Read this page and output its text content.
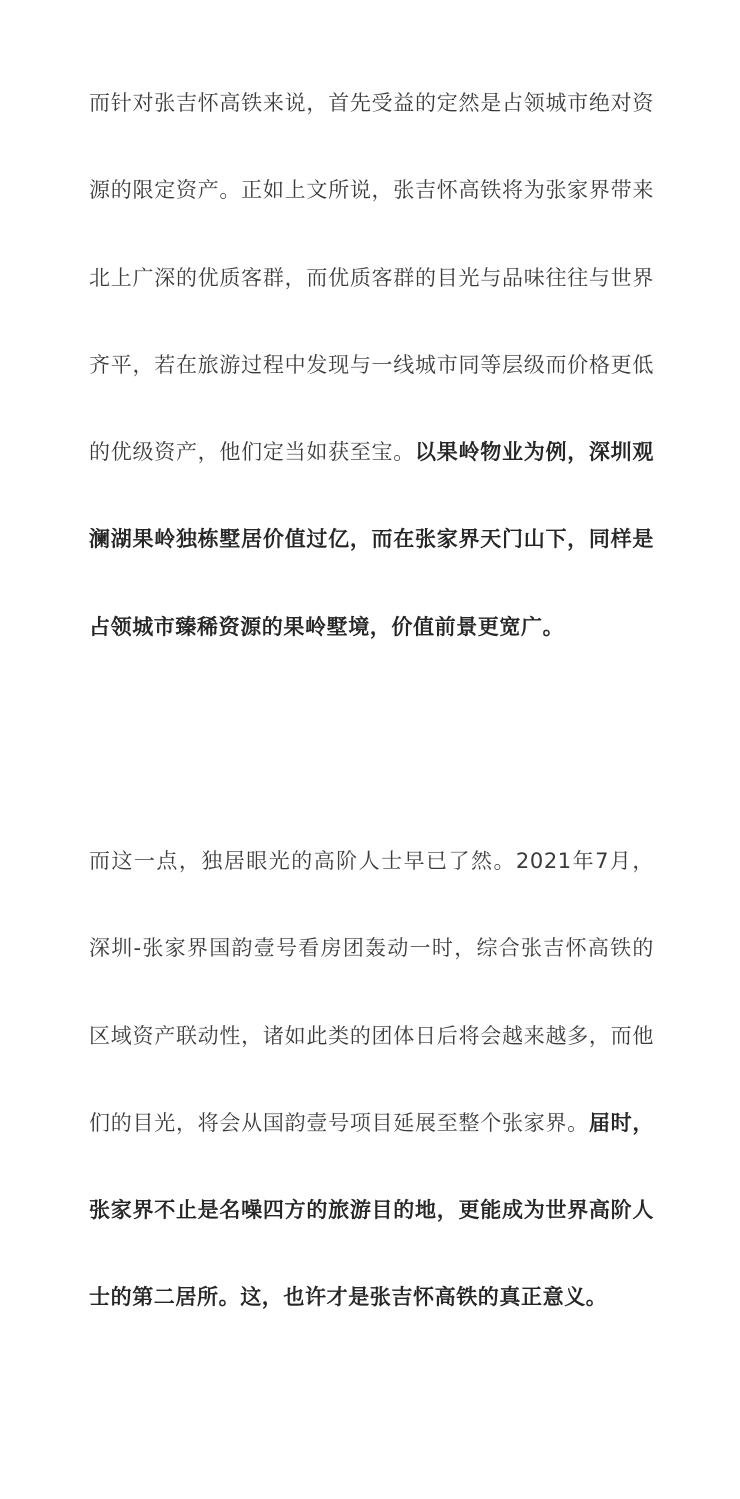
而针对张吉怀高铁来说，首先受益的定然是占领城市绝对资源的限定资产。正如上文所说，张吉怀高铁将为张家界带来北上广深的优质客群，而优质客群的目光与品味往往与世界齐平，若在旅游过程中发现与一线城市同等层级而价格更低的优级资产，他们定当如获至宝。以果岭物业为例，深圳观澜湖果岭独栋墅居价值过亿，而在张家界天门山下，同样是占领城市臻稀资源的果岭墅境，价值前景更宽广。

而这一点，独居眼光的高阶人士早已了然。2021年7月，深圳-张家界国韵壹号看房团轰动一时，综合张吉怀高铁的区域资产联动性，诸如此类的团体日后将会越来越多，而他们的目光，将会从国韵壹号项目延展至整个张家界。届时，张家界不止是名噪四方的旅游目的地，更能成为世界高阶人士的第二居所。这，也许才是张吉怀高铁的真正意义。
